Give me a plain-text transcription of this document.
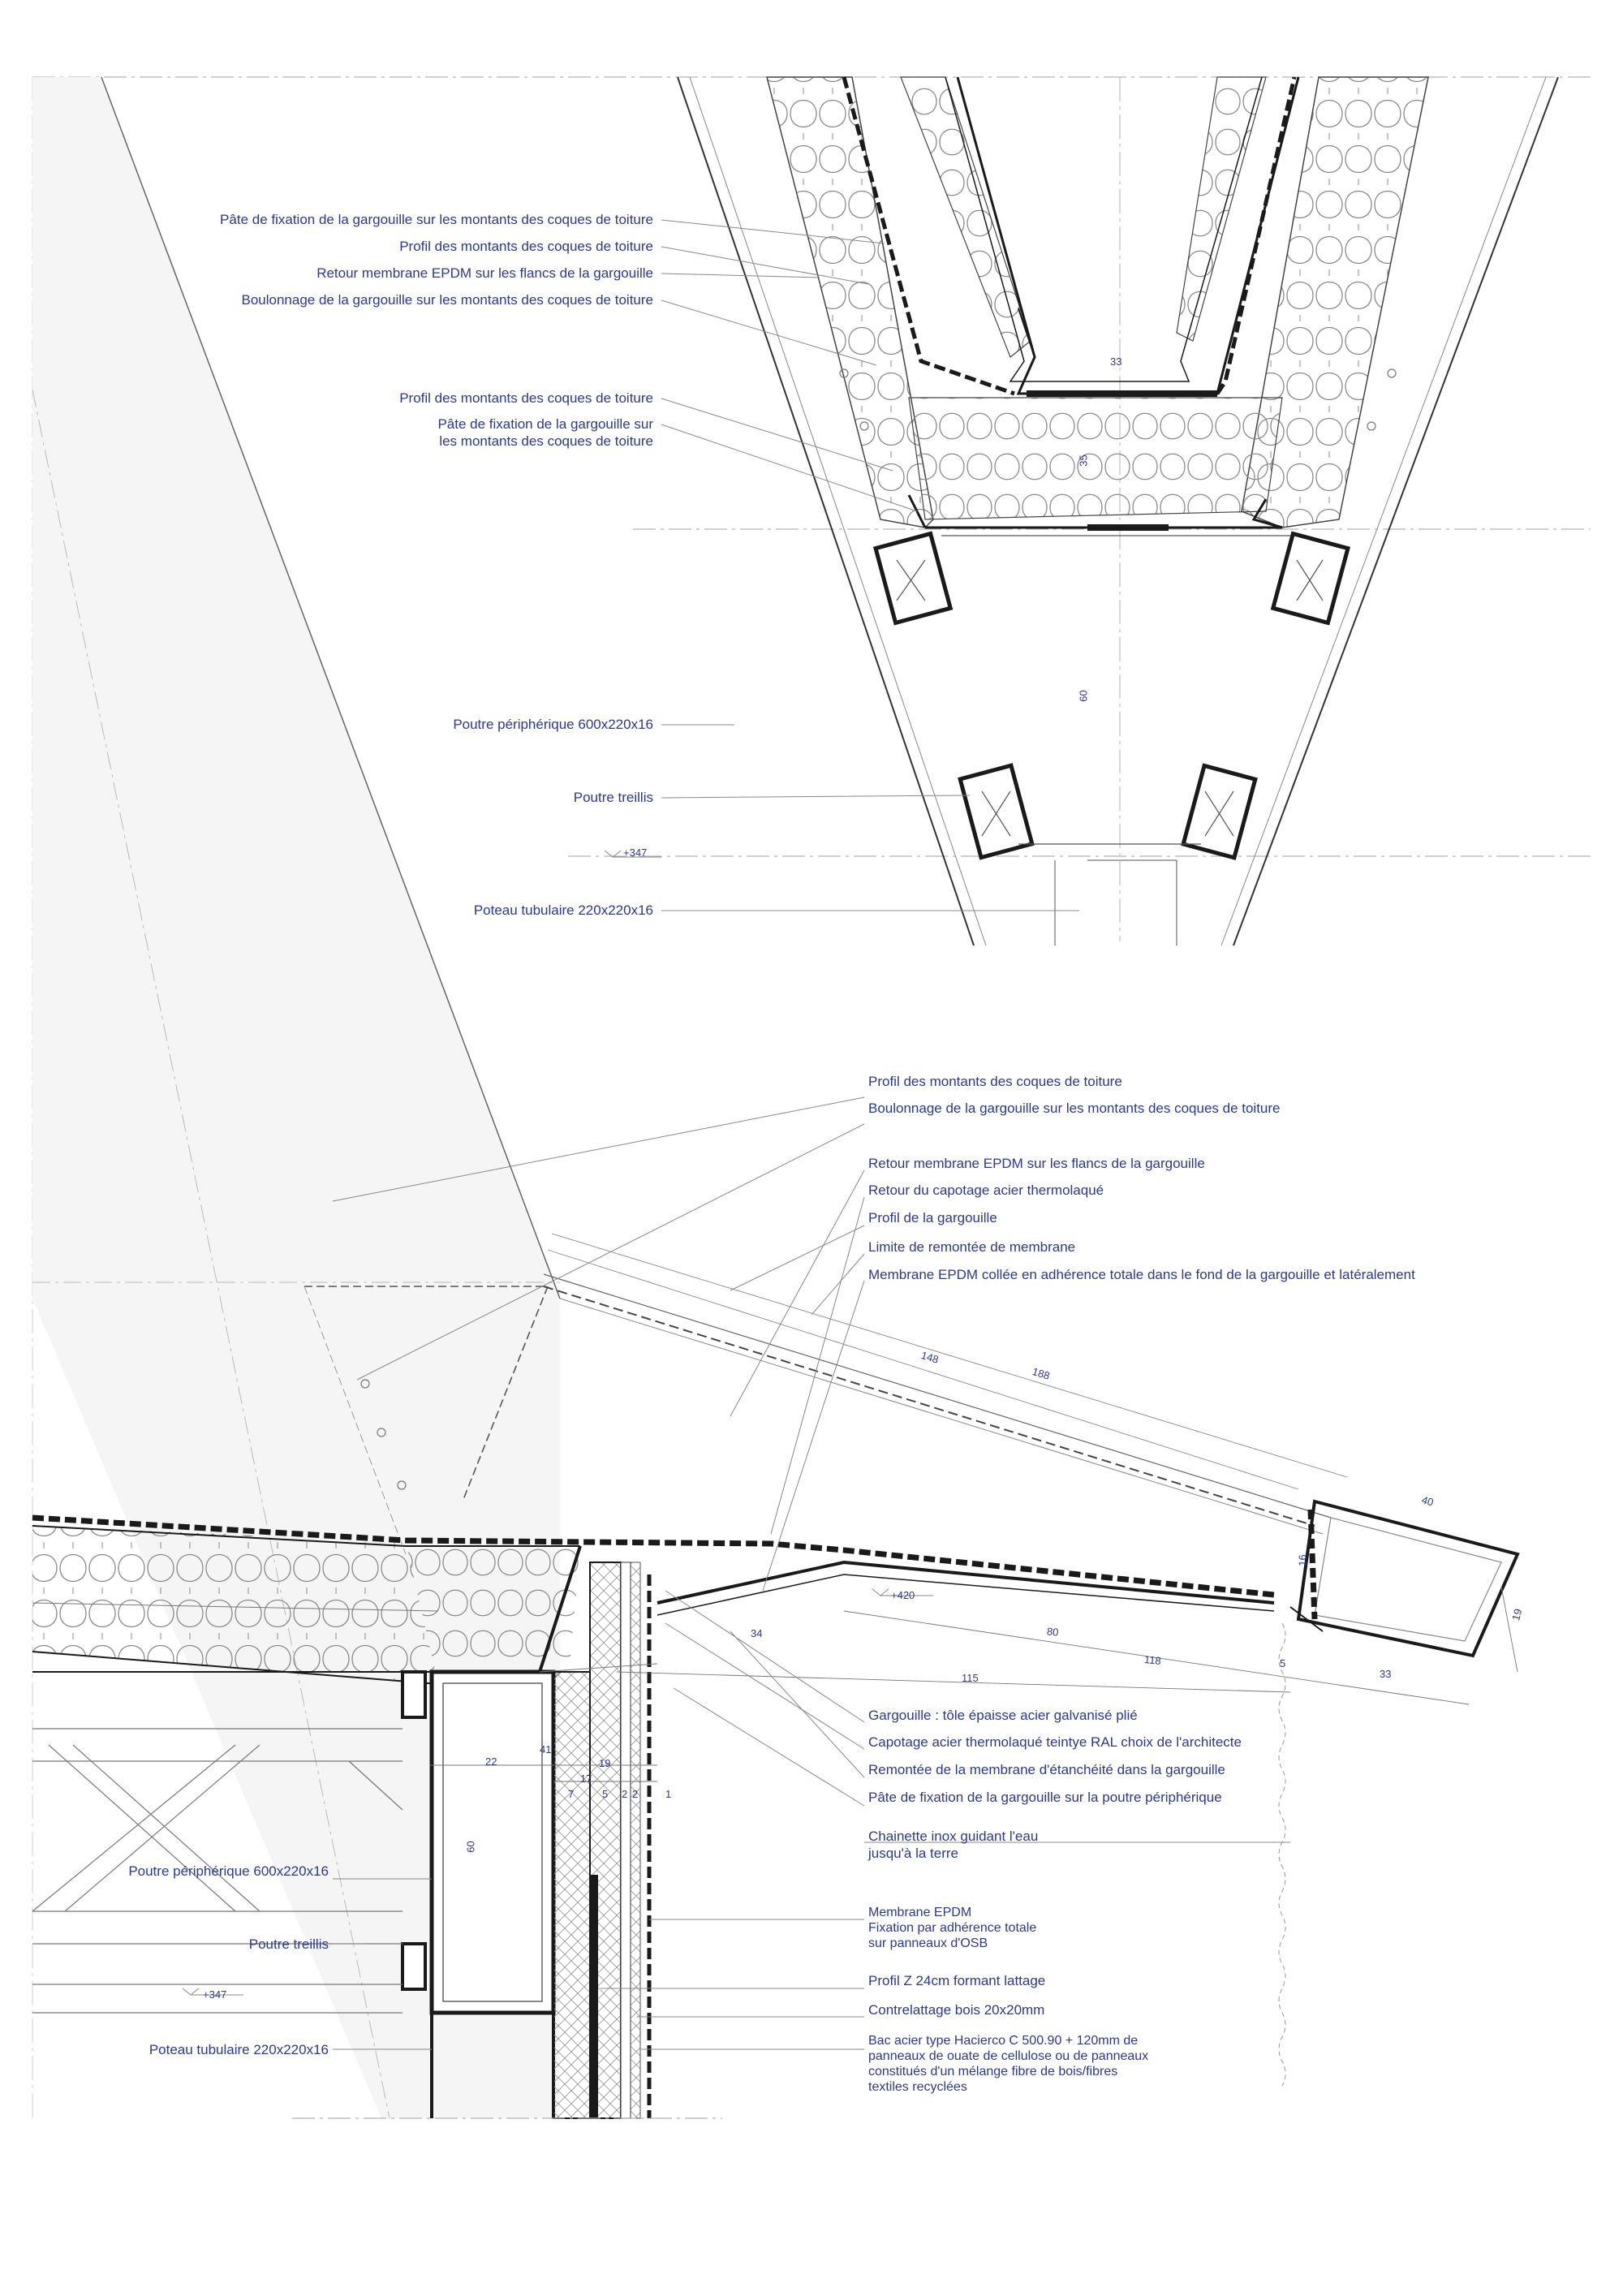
Pâte de fixation de la gargouille sur les montants des coques de toiture
Profil des montants des coques de toiture
Retour membrane EPDM sur les flancs de la gargouille
Boulonnage de la gargouille sur les montants des coques de toiture
Profil des montants des coques de toiture
Pâte de fixation de la gargouille sur
les montants des coques de toiture
Poutre périphérique 600x220x16
Poutre treillis
Poteau tubulaire 220x220x16
+347
33
35
60
Profil des montants des coques de toiture
Boulonnage de la gargouille sur les montants des coques de toiture
Retour membrane EPDM sur les flancs de la gargouille
Retour du capotage acier thermolaqué
Profil de la gargouille
Limite de remontée de membrane
Membrane EPDM collée en adhérence totale dans le fond de la gargouille et latéralement
Gargouille : tôle épaisse acier galvanisé plié
Capotage acier thermolaqué teintye RAL choix de l'architecte
Remontée de la membrane d'étanchéité dans la gargouille
Pâte de fixation de la gargouille sur la poutre périphérique
Chainette inox guidant l'eau
jusqu'à la terre
Membrane EPDM
Fixation par adhérence totale
sur panneaux d'OSB
Profil Z 24cm formant lattage
Contrelattage bois 20x20mm
Bac acier type Hacierco C 500.90 + 120mm de
panneaux de ouate de cellulose ou de panneaux
constitués d'un mélange fibre de bois/fibres
textiles recyclées
Poutre périphérique 600x220x16
Poutre treillis
Poteau tubulaire 220x220x16
+420
+347
148
188
40
16
19
34	80
118	5
33
115
22
41
19
17
7	5 2 2	1
60
